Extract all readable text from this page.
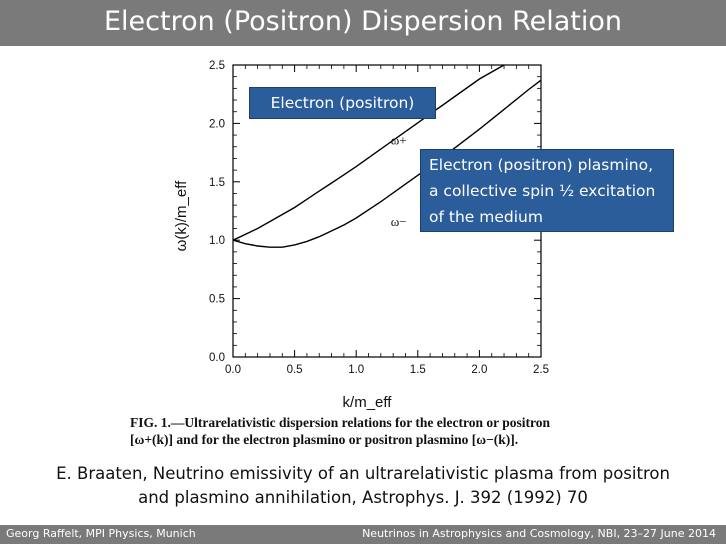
Electron (Positron) Dispersion Relation
0.0	0.5	1.0	1.5	2.0	2.5
0.0
0.5
1.0
1.5
2.0
2.5
k/m_eff
ω(k)/m_eff
ω+
ω−
Electron (positron)
Electron (positron) plasmino,
a collective spin ½ excitation
of the medium
FIG. 1.—Ultrarelativistic dispersion relations for the electron or positron
[ω+(k)] and for the electron plasmino or positron plasmino [ω−(k)].
E. Braaten, Neutrino emissivity of an ultrarelativistic plasma from positron
and plasmino annihilation, Astrophys. J. 392 (1992) 70
Georg Raffelt, MPI Physics, Munich	Neutrinos in Astrophysics and Cosmology, NBI, 23–27 June 2014
